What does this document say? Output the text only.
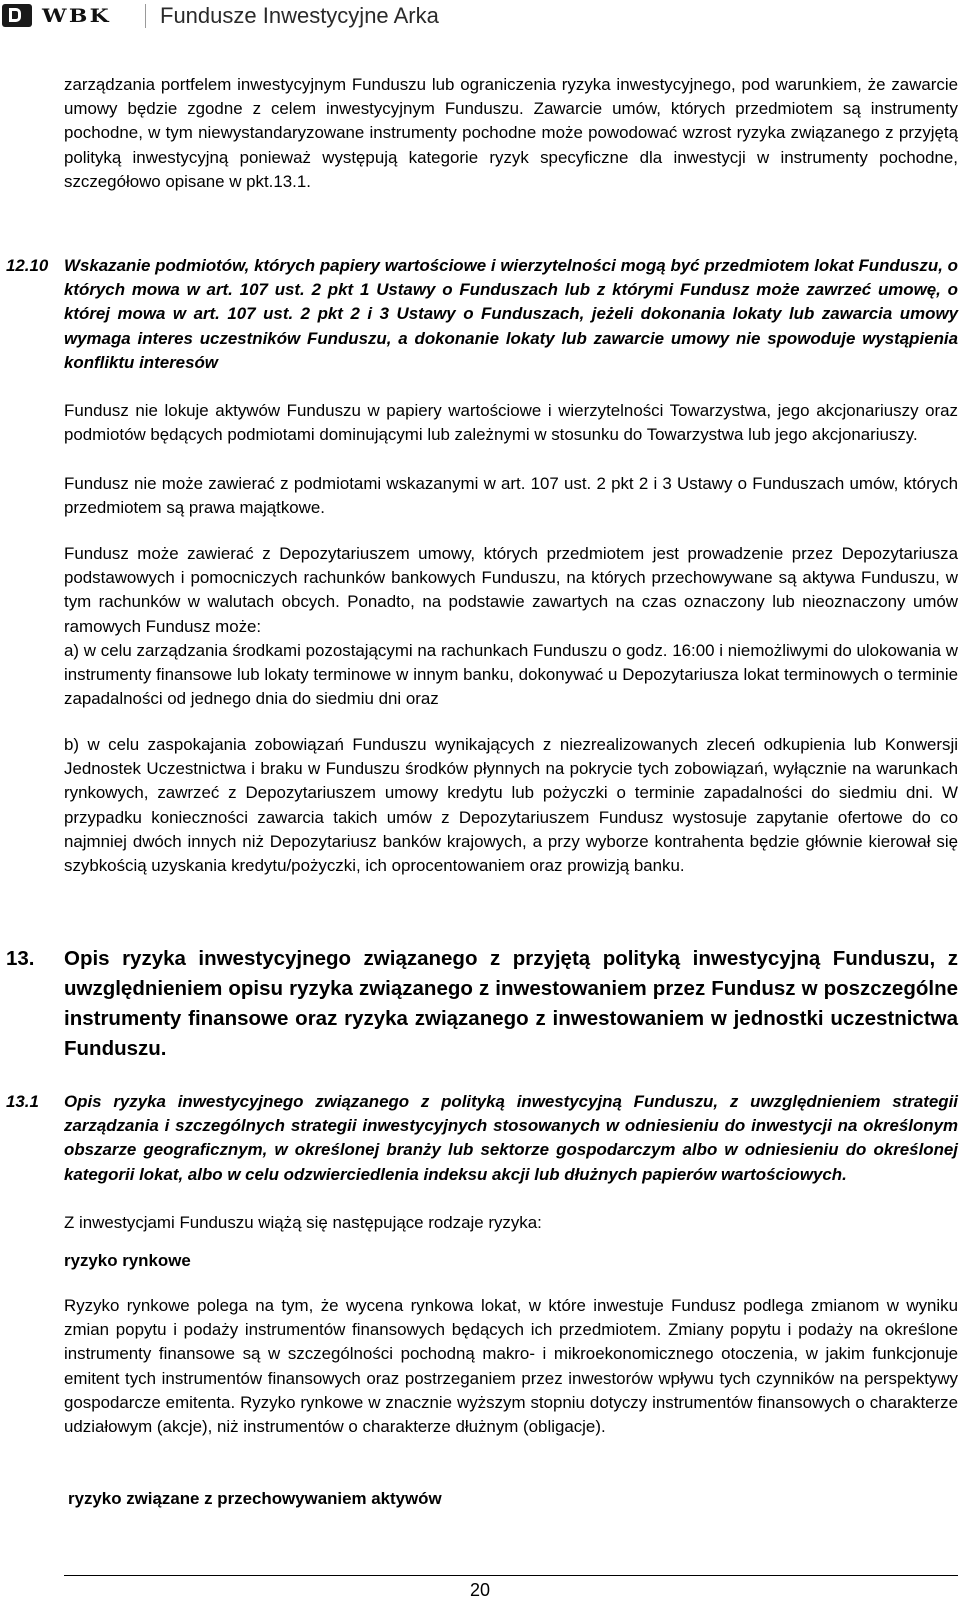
WBK Fundusze Inwestycyjne Arka

zarządzania portfelem inwestycyjnym Funduszu lub ograniczenia ryzyka inwestycyjnego, pod warunkiem, że zawarcie umowy będzie zgodne z celem inwestycyjnym Funduszu. Zawarcie umów, których przedmiotem są instrumenty pochodne, w tym niewystandaryzowane instrumenty pochodne może powodować wzrost ryzyka związanego z przyjętą polityką inwestycyjną ponieważ występują kategorie ryzyk specyficzne dla inwestycji w instrumenty pochodne, szczegółowo opisane w pkt.13.1.

12.10 Wskazanie podmiotów, których papiery wartościowe i wierzytelności mogą być przedmiotem lokat Funduszu, o których mowa w art. 107 ust. 2 pkt 1 Ustawy o Funduszach lub z którymi Fundusz może zawrzeć umowę, o której mowa w art. 107 ust. 2 pkt 2 i 3 Ustawy o Funduszach, jeżeli dokonania lokaty lub zawarcia umowy wymaga interes uczestników Funduszu, a dokonanie lokaty lub zawarcie umowy nie spowoduje wystąpienia konfliktu interesów

Fundusz nie lokuje aktywów Funduszu w papiery wartościowe i wierzytelności Towarzystwa, jego akcjonariuszy oraz podmiotów będących podmiotami dominującymi lub zależnymi w stosunku do Towarzystwa lub jego akcjonariuszy.

Fundusz nie może zawierać z podmiotami wskazanymi w art. 107 ust. 2 pkt 2 i 3 Ustawy o Funduszach umów, których przedmiotem są prawa majątkowe.

Fundusz może zawierać z Depozytariuszem umowy, których przedmiotem jest prowadzenie przez Depozytariusza podstawowych i pomocniczych rachunków bankowych Funduszu, na których przechowywane są aktywa Funduszu, w tym rachunków w walutach obcych. Ponadto, na podstawie zawartych na czas oznaczony lub nieoznaczony umów ramowych Fundusz może:

a) w celu zarządzania środkami pozostającymi na rachunkach Funduszu o godz. 16:00 i niemożliwymi do ulokowania w instrumenty finansowe lub lokaty terminowe w innym banku, dokonywać u Depozytariusza lokat terminowych o terminie zapadalności od jednego dnia do siedmiu dni oraz

b) w celu zaspokajania zobowiązań Funduszu wynikających z niezrealizowanych zleceń odkupienia lub Konwersji Jednostek Uczestnictwa i braku w Funduszu środków płynnych na pokrycie tych zobowiązań, wyłącznie na warunkach rynkowych, zawrzeć z Depozytariuszem umowy kredytu lub pożyczki o terminie zapadalności do siedmiu dni. W przypadku konieczności zawarcia takich umów z Depozytariuszem Fundusz wystosuje zapytanie ofertowe do co najmniej dwóch innych niż Depozytariusz banków krajowych, a przy wyborze kontrahenta będzie głównie kierował się szybkością uzyskania kredytu/pożyczki, ich oprocentowaniem oraz prowizją banku.

13. Opis ryzyka inwestycyjnego związanego z przyjętą polityką inwestycyjną Funduszu, z uwzględnieniem opisu ryzyka związanego z inwestowaniem przez Fundusz w poszczególne instrumenty finansowe oraz ryzyka związanego z inwestowaniem w jednostki uczestnictwa Funduszu.
13.1 Opis ryzyka inwestycyjnego związanego z polityką inwestycyjną Funduszu, z uwzględnieniem strategii zarządzania i szczególnych strategii inwestycyjnych stosowanych w odniesieniu do inwestycji na określonym obszarze geograficznym, w określonej branży lub sektorze gospodarczym albo w odniesieniu do określonej kategorii lokat, albo w celu odzwierciedlenia indeksu akcji lub dłużnych papierów wartościowych.

Z inwestycjami Funduszu wiążą się następujące rodzaje ryzyka:

ryzyko rynkowe

Ryzyko rynkowe polega na tym, że wycena rynkowa lokat, w które inwestuje Fundusz podlega zmianom w wyniku zmian popytu i podaży instrumentów finansowych będących ich przedmiotem. Zmiany popytu i podaży na określone instrumenty finansowe są w szczególności pochodną makro- i mikroekonomicznego otoczenia, w jakim funkcjonuje emitent tych instrumentów finansowych oraz postrzeganiem przez inwestorów wpływu tych czynników na perspektywy gospodarcze emitenta. Ryzyko rynkowe w znacznie wyższym stopniu dotyczy instrumentów finansowych o charakterze udziałowym (akcje), niż instrumentów o charakterze dłużnym (obligacje).

ryzyko związane z przechowywaniem aktywów

20
